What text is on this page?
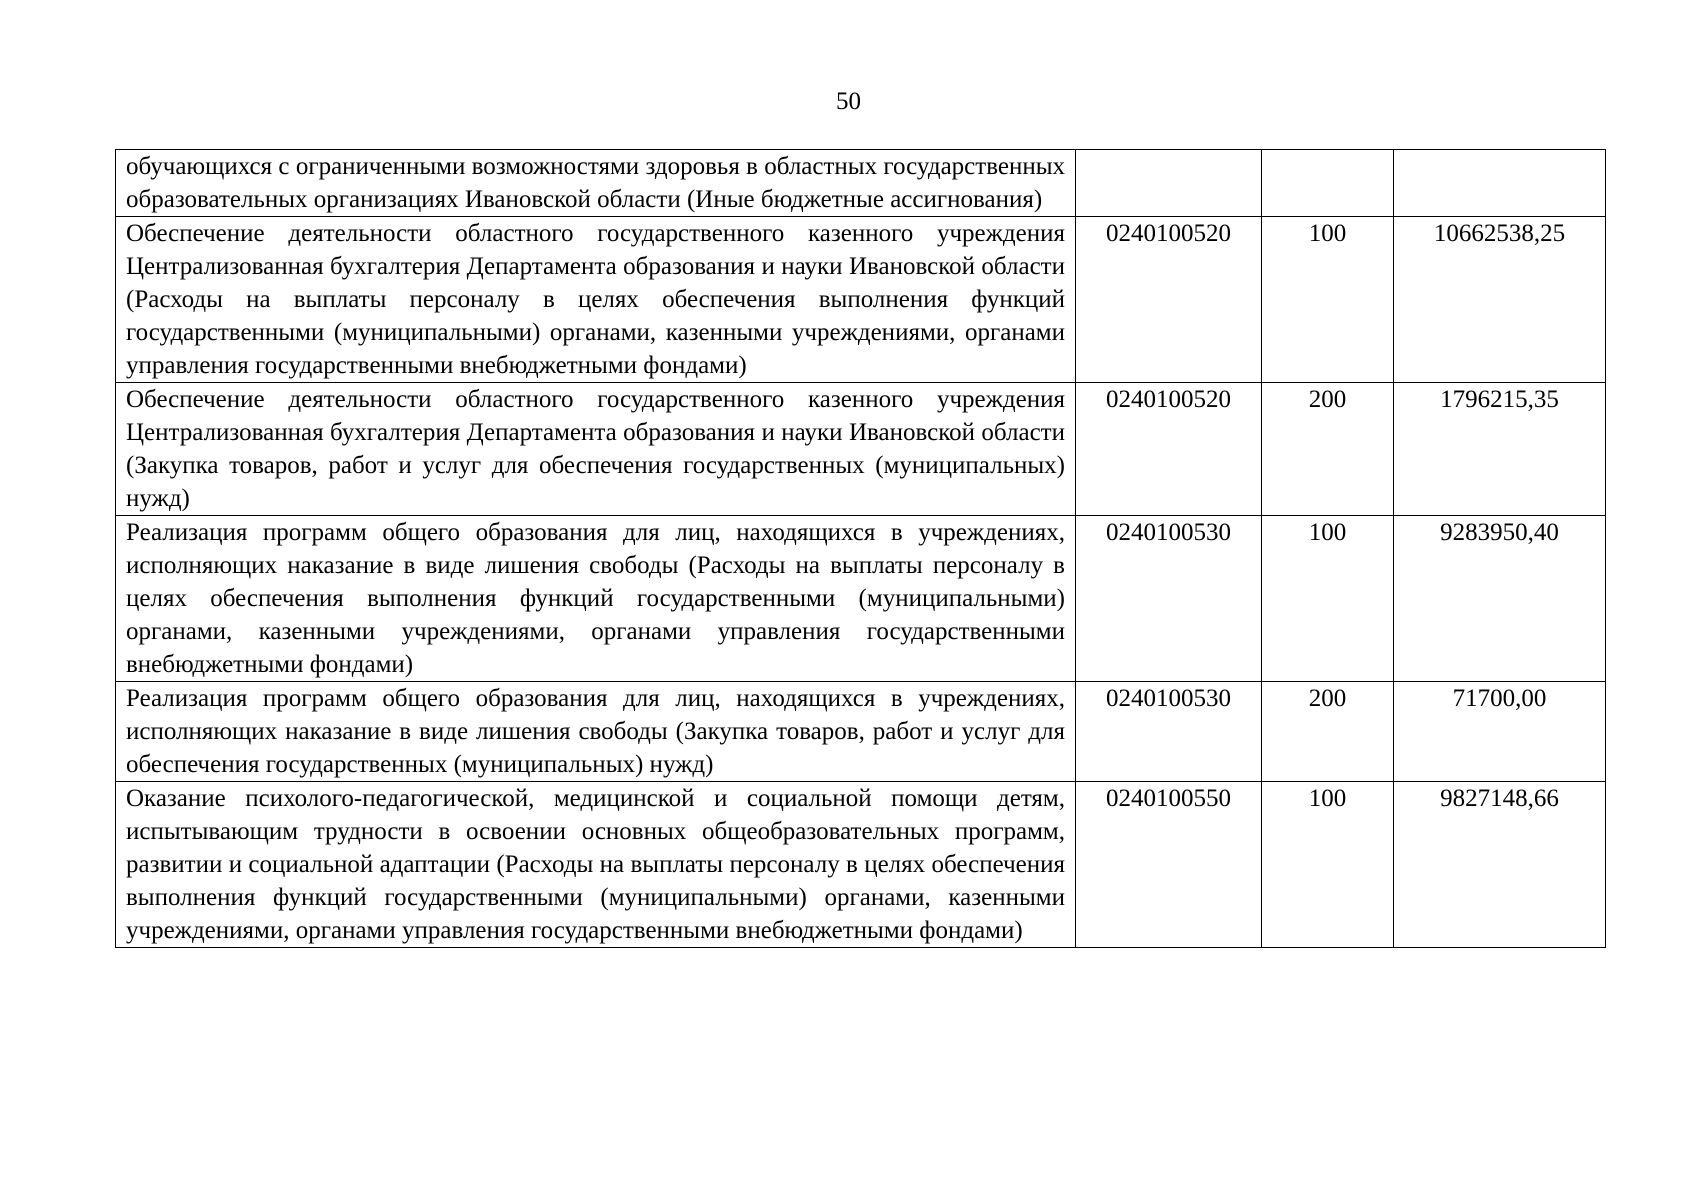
50
обучающихся с ограниченными возможностями здоровья в областных государственных образовательных организациях Ивановской области (Иные бюджетные ассигнования)			
Обеспечение деятельности областного государственного казенного учреждения Централизованная бухгалтерия Департамента образования и науки Ивановской области (Расходы на выплаты персоналу в целях обеспечения выполнения функций государственными (муниципальными) органами, казенными учреждениями, органами управления государственными внебюджетными фондами)	0240100520	100	10662538,25
Обеспечение деятельности областного государственного казенного учреждения Централизованная бухгалтерия Департамента образования и науки Ивановской области (Закупка товаров, работ и услуг для обеспечения государственных (муниципальных) нужд)	0240100520	200	1796215,35
Реализация программ общего образования для лиц, находящихся в учреждениях, исполняющих наказание в виде лишения свободы (Расходы на выплаты персоналу в целях обеспечения выполнения функций государственными (муниципальными) органами, казенными учреждениями, органами управления государственными внебюджетными фондами)	0240100530	100	9283950,40
Реализация программ общего образования для лиц, находящихся в учреждениях, исполняющих наказание в виде лишения свободы (Закупка товаров, работ и услуг для обеспечения государственных (муниципальных) нужд)	0240100530	200	71700,00
Оказание психолого-педагогической, медицинской и социальной помощи детям, испытывающим трудности в освоении основных общеобразовательных программ, развитии и социальной адаптации (Расходы на выплаты персоналу в целях обеспечения выполнения функций государственными (муниципальными) органами, казенными учреждениями, органами управления государственными внебюджетными фондами)	0240100550	100	9827148,66
